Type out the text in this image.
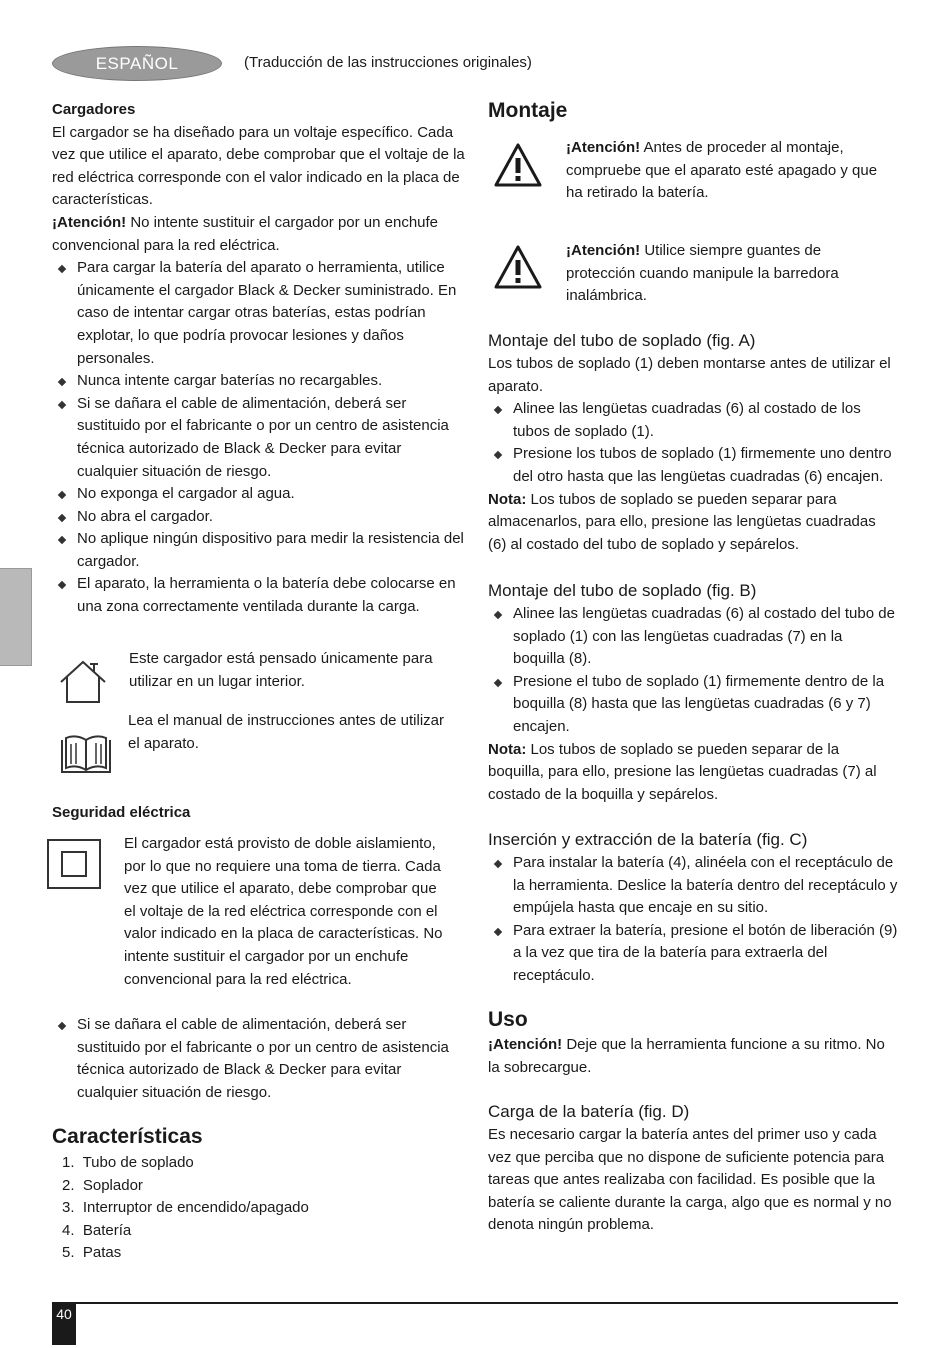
ESPAÑOL	(Traducción de las instrucciones originales)

Cargadores

El cargador se ha diseñado para un voltaje específico. Cada vez que utilice el aparato, debe comprobar que el voltaje de la red eléctrica corresponde con el valor indicado en la placa de características.

¡Atención! No intente sustituir el cargador por un enchufe convencional para la red eléctrica.

Para cargar la batería del aparato o herramienta, utilice únicamente el cargador Black & Decker suministrado. En caso de intentar cargar otras baterías, estas podrían explotar, lo que podría provocar lesiones y daños personales.
Nunca intente cargar baterías no recargables.
Si se dañara el cable de alimentación, deberá ser sustituido por el fabricante o por un centro de asistencia técnica autorizado de Black & Decker para evitar cualquier situación de riesgo.
No exponga el cargador al agua.
No abra el cargador.
No aplique ningún dispositivo para medir la resistencia del cargador.
El aparato, la herramienta o la batería debe colocarse en una zona correctamente ventilada durante la carga.
Este cargador está pensado únicamente para utilizar en un lugar interior.
Lea el manual de instrucciones antes de utilizar el aparato.

Seguridad eléctrica

El cargador está provisto de doble aislamiento, por lo que no requiere una toma de tierra. Cada vez que utilice el aparato, debe comprobar que el voltaje de la red eléctrica corresponde con el valor indicado en la placa de características. No intente sustituir el cargador por un enchufe convencional para la red eléctrica.
Si se dañara el cable de alimentación, deberá ser sustituido por el fabricante o por un centro de asistencia técnica autorizado de Black & Decker para evitar cualquier situación de riesgo.

Características

1.  Tubo de soplado
2.  Soplador
3.  Interruptor de encendido/apagado
4.  Batería
5.  Patas

Montaje

¡Atención! Antes de proceder al montaje, compruebe que el aparato esté apagado y que ha retirado la batería.
¡Atención! Utilice siempre guantes de protección cuando manipule la barredora inalámbrica.

Montaje del tubo de soplado (fig. A)

Los tubos de soplado (1) deben montarse antes de utilizar el aparato.

Alinee las lengüetas cuadradas (6) al costado de los tubos de soplado (1).
Presione los tubos de soplado (1) firmemente uno dentro del otro hasta que las lengüetas cuadradas (6) encajen.

Nota: Los tubos de soplado se pueden separar para almacenarlos, para ello, presione las lengüetas cuadradas (6) al costado del tubo de soplado y sepárelos.

Montaje del tubo de soplado (fig. B)

Alinee las lengüetas cuadradas (6) al costado del tubo de soplado (1) con las lengüetas cuadradas (7) en la boquilla (8).
Presione el tubo de soplado (1) firmemente dentro de la boquilla (8) hasta que las lengüetas cuadradas (6 y 7) encajen.

Nota: Los tubos de soplado se pueden separar de la boquilla, para ello, presione las lengüetas cuadradas (7) al costado de la boquilla y sepárelos.

Inserción y extracción de la batería (fig. C)

Para instalar la batería (4), alinéela con el receptáculo de la herramienta. Deslice la batería dentro del receptáculo y empújela hasta que encaje en su sitio.
Para extraer la batería, presione el botón de liberación (9) a la vez que tira de la batería para extraerla del receptáculo.

Uso

¡Atención! Deje que la herramienta funcione a su ritmo. No la sobrecargue.

Carga de la batería (fig. D)

Es necesario cargar la batería antes del primer uso y cada vez que perciba que no dispone de suficiente potencia para tareas que antes realizaba con facilidad. Es posible que la batería se caliente durante la carga, algo que es normal y no denota ningún problema.

40
